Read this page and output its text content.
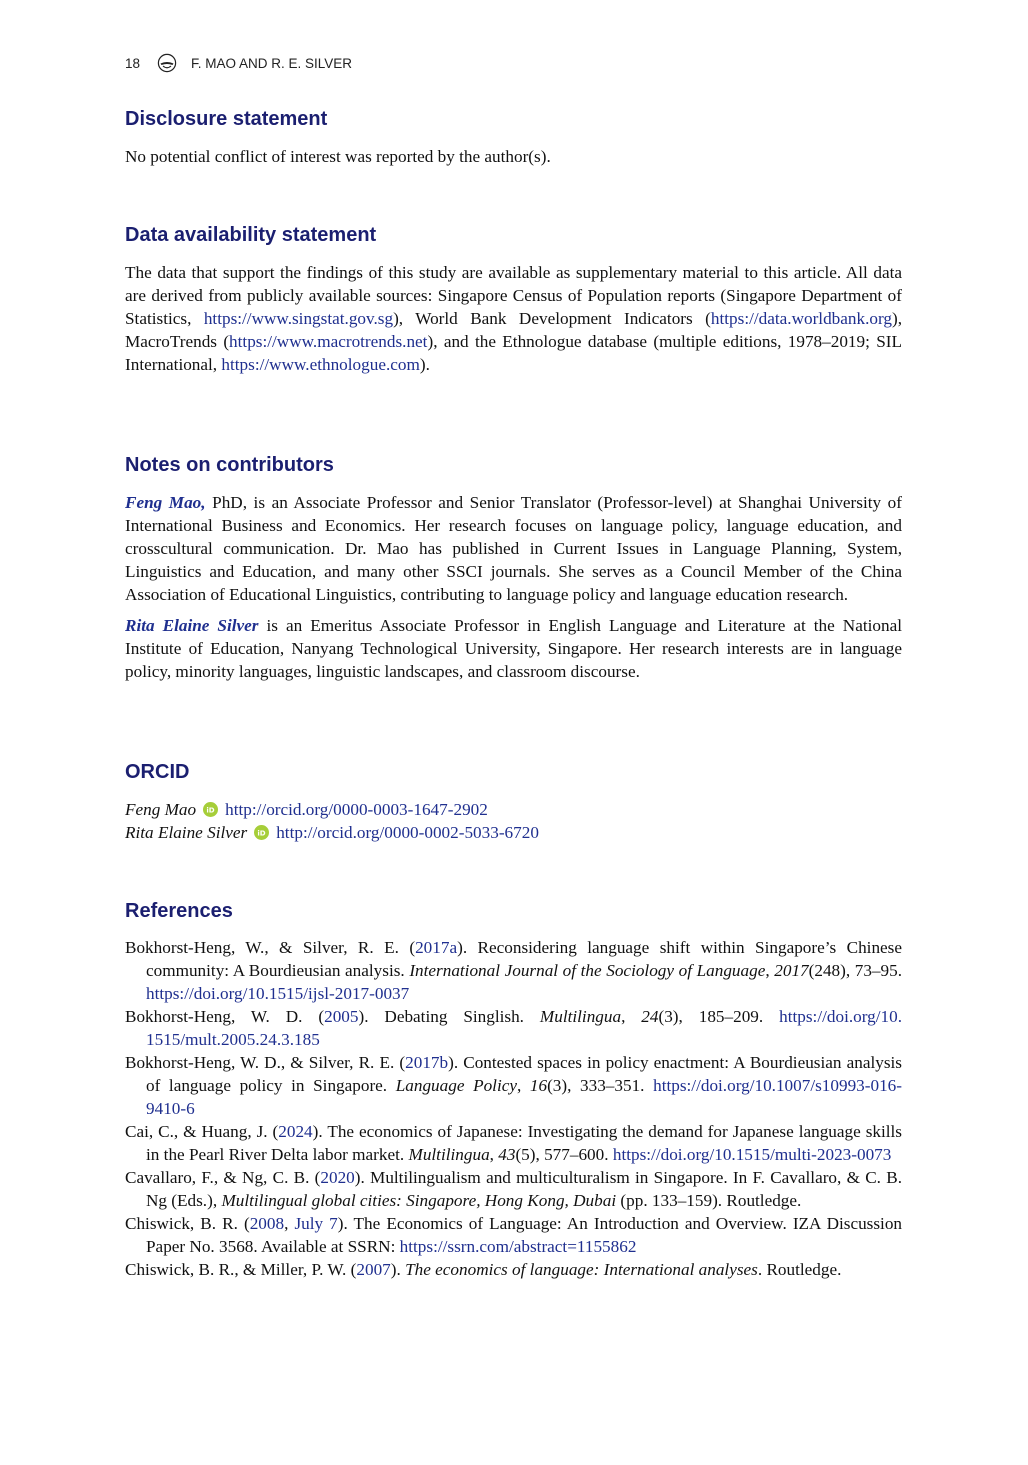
18	F. MAO AND R. E. SILVER
Disclosure statement

No potential conflict of interest was reported by the author(s).

Data availability statement

The data that support the findings of this study are available as supplementary material to this article. All data are derived from publicly available sources: Singapore Census of Population reports (Singapore Department of Statistics, https://www.singstat.gov.sg), World Bank Development Indicators (https://data.worldbank.org), MacroTrends (https://www.macrotrends.net), and the Ethnologue database (multiple editions, 1978–2019; SIL International, https://www.​ethnologue.com).

Notes on contributors

Feng Mao, PhD, is an Associate Professor and Senior Translator (Professor-level) at Shanghai University of International Business and Economics. Her research focuses on language policy, language education, and crosscultural communication. Dr. Mao has published in Current Issues in Language Planning, System, Linguistics and Education, and many other SSCI journals. She serves as a Council Member of the China Association of Educational Linguistics, contributing to language policy and language education research.

Rita Elaine Silver is an Emeritus Associate Professor in English Language and Literature at the National Institute of Education, Nanyang Technological University, Singapore. Her research interests are in language policy, minority languages, linguistic landscapes, and classroom discourse.

ORCID
Feng Mao iD http://orcid.org/0000-0003-1647-2902
Rita Elaine Silver iD http://orcid.org/0000-0002-5033-6720
References

Bokhorst-Heng, W., & Silver, R. E. (2017a). Reconsidering language shift within Singapore’s Chinese community: A Bourdieusian analysis. International Journal of the Sociology of Language, 2017(248), 73–95. https://doi.org/10.1515/ijsl-2017-0037

Bokhorst-Heng, W. D. (2005). Debating Singlish. Multilingua, 24(3), 185–209. https://doi.org/10.​1515/mult.2005.24.3.185

Bokhorst-Heng, W. D., & Silver, R. E. (2017b). Contested spaces in policy enactment: A Bourdieusian analysis of language policy in Singapore. Language Policy, 16(3), 333–351. https://doi.org/10.1007/s10993-016-9410-6

Cai, C., & Huang, J. (2024). The economics of Japanese: Investigating the demand for Japanese language skills in the Pearl River Delta labor market. Multilingua, 43(5), 577–600. https://doi.​org/10.1515/multi-2023-0073

Cavallaro, F., & Ng, C. B. (2020). Multilingualism and multiculturalism in Singapore. In F. Cavallaro, & C. B. Ng (Eds.), Multilingual global cities: Singapore, Hong Kong, Dubai (pp. 133–159). Routledge.

Chiswick, B. R. (2008, July 7). The Economics of Language: An Introduction and Overview. IZA Discussion Paper No. 3568. Available at SSRN: https://ssrn.com/abstract=1155862

Chiswick, B. R., & Miller, P. W. (2007). The economics of language: International analyses. Routledge.
